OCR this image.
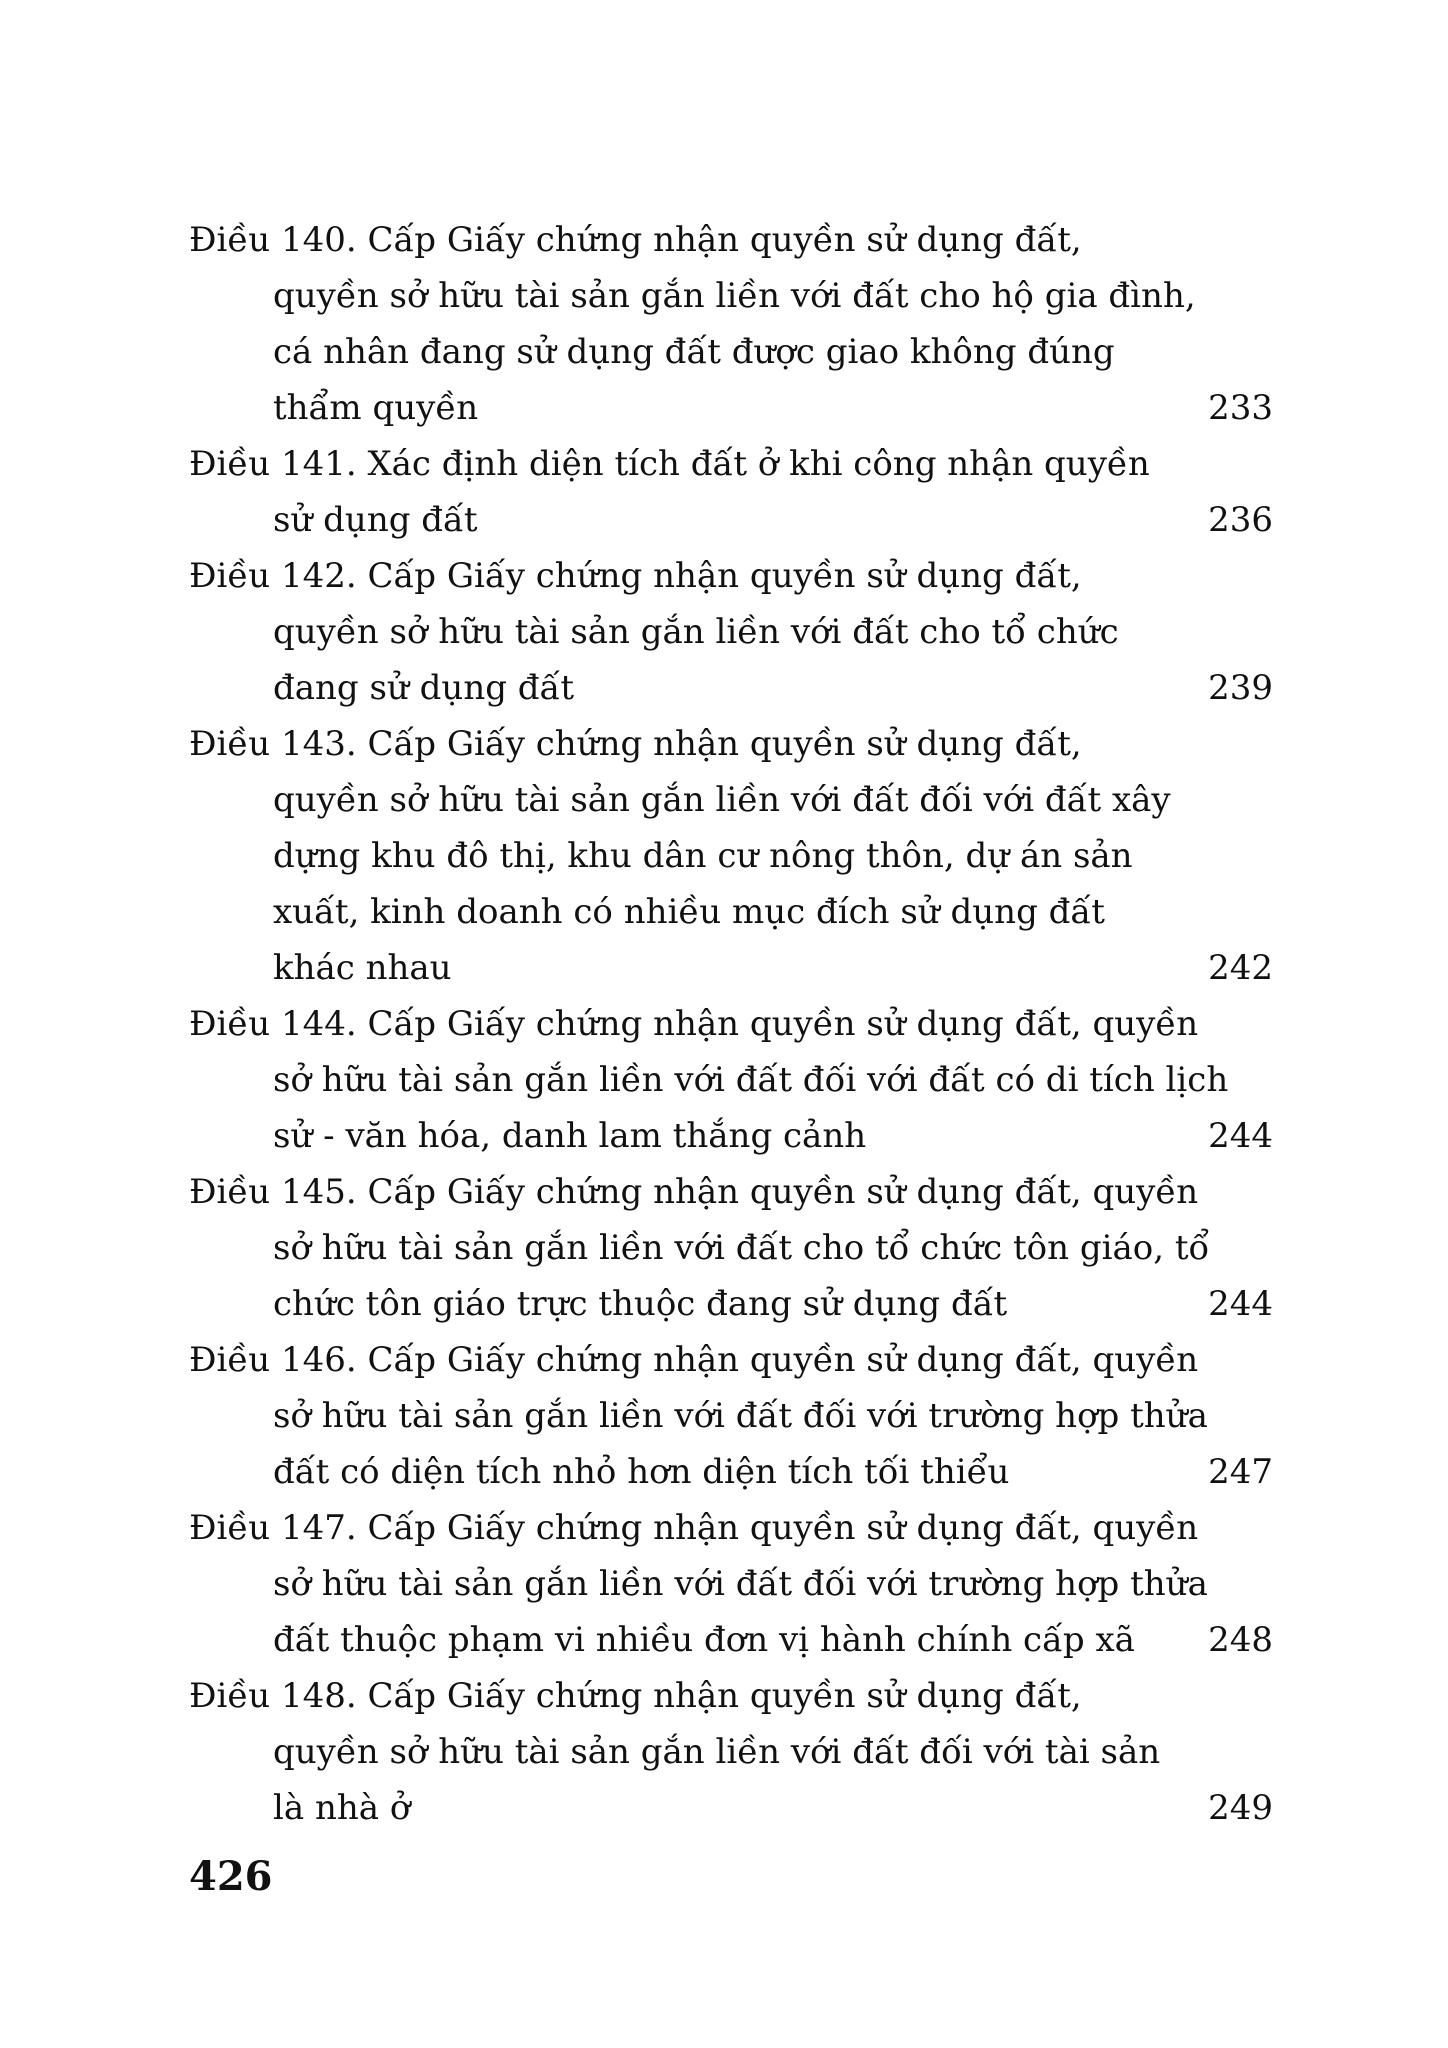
Điều 140. Cấp Giấy chứng nhận quyền sử dụng đất,
quyền sở hữu tài sản gắn liền với đất cho hộ gia đình,
cá nhân đang sử dụng đất được giao không đúng
thẩm quyền	233
Điều 141. Xác định diện tích đất ở khi công nhận quyền
sử dụng đất	236
Điều 142. Cấp Giấy chứng nhận quyền sử dụng đất,
quyền sở hữu tài sản gắn liền với đất cho tổ chức
đang sử dụng đất	239
Điều 143. Cấp Giấy chứng nhận quyền sử dụng đất,
quyền sở hữu tài sản gắn liền với đất đối với đất xây
dựng khu đô thị, khu dân cư nông thôn, dự án sản
xuất, kinh doanh có nhiều mục đích sử dụng đất
khác nhau	242
Điều 144. Cấp Giấy chứng nhận quyền sử dụng đất, quyền
sở hữu tài sản gắn liền với đất đối với đất có di tích lịch
sử - văn hóa, danh lam thắng cảnh	244
Điều 145. Cấp Giấy chứng nhận quyền sử dụng đất, quyền
sở hữu tài sản gắn liền với đất cho tổ chức tôn giáo, tổ
chức tôn giáo trực thuộc đang sử dụng đất	244
Điều 146. Cấp Giấy chứng nhận quyền sử dụng đất, quyền
sở hữu tài sản gắn liền với đất đối với trường hợp thửa
đất có diện tích nhỏ hơn diện tích tối thiểu	247
Điều 147. Cấp Giấy chứng nhận quyền sử dụng đất, quyền
sở hữu tài sản gắn liền với đất đối với trường hợp thửa
đất thuộc phạm vi nhiều đơn vị hành chính cấp xã 248
Điều 148. Cấp Giấy chứng nhận quyền sử dụng đất,
quyền sở hữu tài sản gắn liền với đất đối với tài sản
là nhà ở	249
426
